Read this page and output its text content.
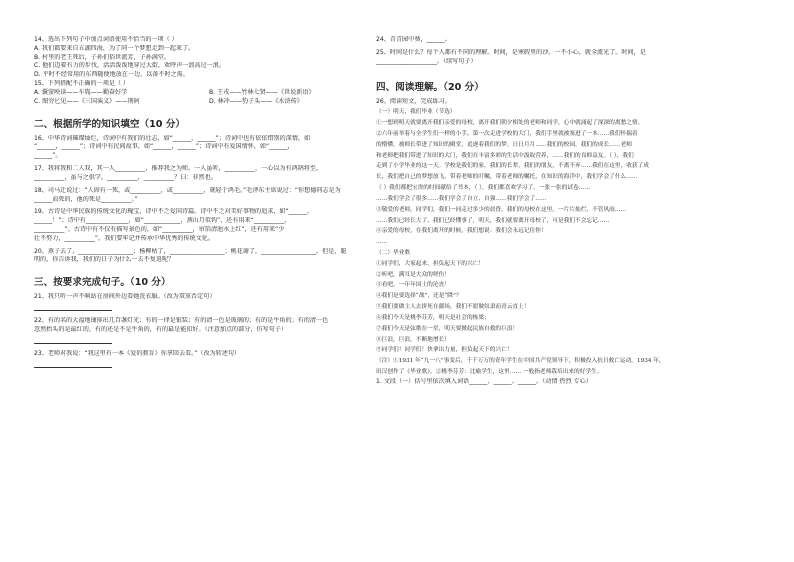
14、选出下列句子中加点词语使用不恰当的一项（ ）
A. 我们都要来自五湖四海，为了同一个梦想走到一起来了。
B. 村里的老王死后，子孙们俗世流芳，子孙满堂。
C. 他们迈着有力的步伐，活活泼泼地穿过大街，欢呼声一浪高过一浪。
D. 平时不经常用的东西随便地放在一边，以备不时之需。
15、下列搭配不正确的一项是（ ）
A. 囊萤映读——车胤——勤奋好学	B. 王戎——竹林七贤——《世说新语》
C. 图穷匕见——《三国演义》——荆轲	D. 林冲——豹子头——《水浒传》
二、根据所学的知识填空（10 分）
16、中华诗词璀璨灿烂，诗词中有我们的壮志，如“______，______”；诗词中也有依依惜别的深情，如
“______，______”；诗词中有民间故事，如“______，______”；诗词中有爱国情怀，如“______，
______”。
17、我将我和二人双，其一人__________，推荐我之为师。一人虽听，__________，一心以为有鸿鹄将至，
__________，虽与之俱学，__________，__________？曰：非然也。
18、司马迁说过：“人固有一死，或__________，或__________，就轻于鸿毛。”毛泽东主席说过：“你想德同志是为
______而死的，他的死是__________。”
19、古诗是中华民族的传统文化的瑰宝，诗中不乏爱国诗篇。诗中不乏对美好事物的追求，如“______，
______！”；诗中有______________，如“____________，燕山月似钩”，还有用来“__________，
__________”。古诗中有不仅有描写景色的，如“__________，帘箔清池水上红”，还有用来“少
壮不努力，__________”。我们要牢记并传承中华优秀的传统文化。
20、燕子去了，__________________；杨柳枯了，__________________；桃花谢了，__________________。但是，聪
明的，你告诉我，我们的日子为什么一去不复返呢？
三、按要求完成句子。（10 分）
21、我只听一声不响站在房间外边看她洗衣服。（改为双重否定句）
22、有的名的大福地铺排出几百盏灯光；有的一律是银装；有的清一色是玻璃的；有的是牛角的；有的清一色
忽然抬头的是最红的，有的还是不是牛角的，有的最是能扣好。（注意加点的部分，仿写句子）
23、老师对我说：“我这里有一本《爱的教育》你拿回去看。”（改为转述句）
24、青青园中葵，______。
25、时间是什么？每个人都有不同的理解。时间，是寒假里的沙。一不小心，就全流光了。时间，是
____________________。（续写句子）
四、阅读理解。（20 分）
26、阅读短文，完成练习。
（一）明天，我们毕业（节选）
①一想到明天就要离开我们亲爱的母校，离开我们朝夕相处的老师和同学，心中就涌起了深深的离愁之情。
②六年前举着与全学生们一样的小手，第一次走进学校的大门，我们手里就被塞进了一本……我们怀揣着
的懵懂，被师长带进了知识的殿堂，追逐着我们的梦。日日月月……我们的校园，我们的成长……老师
和老师把我们带进了知识的大门，我们在丰富多彩的生活中汲取营养，……我们的良师益友。（ ），我们
走到了小学毕业的这一天。学校是我们的家，我们的长辈，我们的朋友，不离不弃……我们在这里，收获了成
长，我们把自己的梦想放飞，带着老师的叮嘱，带着老师的嘱托，在知识的海洋中，我们学会了什么……
（ ）我们都把宝贵的时间献给了书本，（ ），我们都喜欢学习了，一张一张的试卷……
……我们学会了很多……我们学会了自立、自强……我们学会了……
③敬爱的老师，同学们，我们一同走过多少的晨昏，我们的母校在这里，一片片灿烂，不管风雨……
……我们已经长大了，我们已经懂事了，明天，我们就要离开母校了，可是我们不会忘记……
④亲爱的母校，在我们离开的时候，我们想说：我们会永远记住你！
……
（二）毕业歌
①同学们，大家起来，担负起天下的兴亡！
②听吧，满耳是大众的嗟伤！
③看吧，一年年国土的沦丧！
④我们是要选择“战”，还是“降”？
⑤我们要做主人去拼死在疆场，我们不愿做奴隶而青云直上！
⑥我们今天是桃李芬芳，明天是社会的栋梁；
⑦我们今天是弦歌在一堂，明天要掀起民族自救的巨浪！
⑧巨浪，巨浪，不断地增长！
⑨同学们！同学们！快拿出力量，担负起天下的兴亡！
（注）①1931 年“九一八”事变后，千千万万的青年学生在中国共产党领导下，积极投入抗日救亡运动。1934 年，
田汉创作了《毕业歌》。②桃李芬芳：比喻学生，这里…… 一般指老师栽培出来的好学生。
1. 文段（一）括号里依次填入词语______、______、______。（动情 热烈 专心）
